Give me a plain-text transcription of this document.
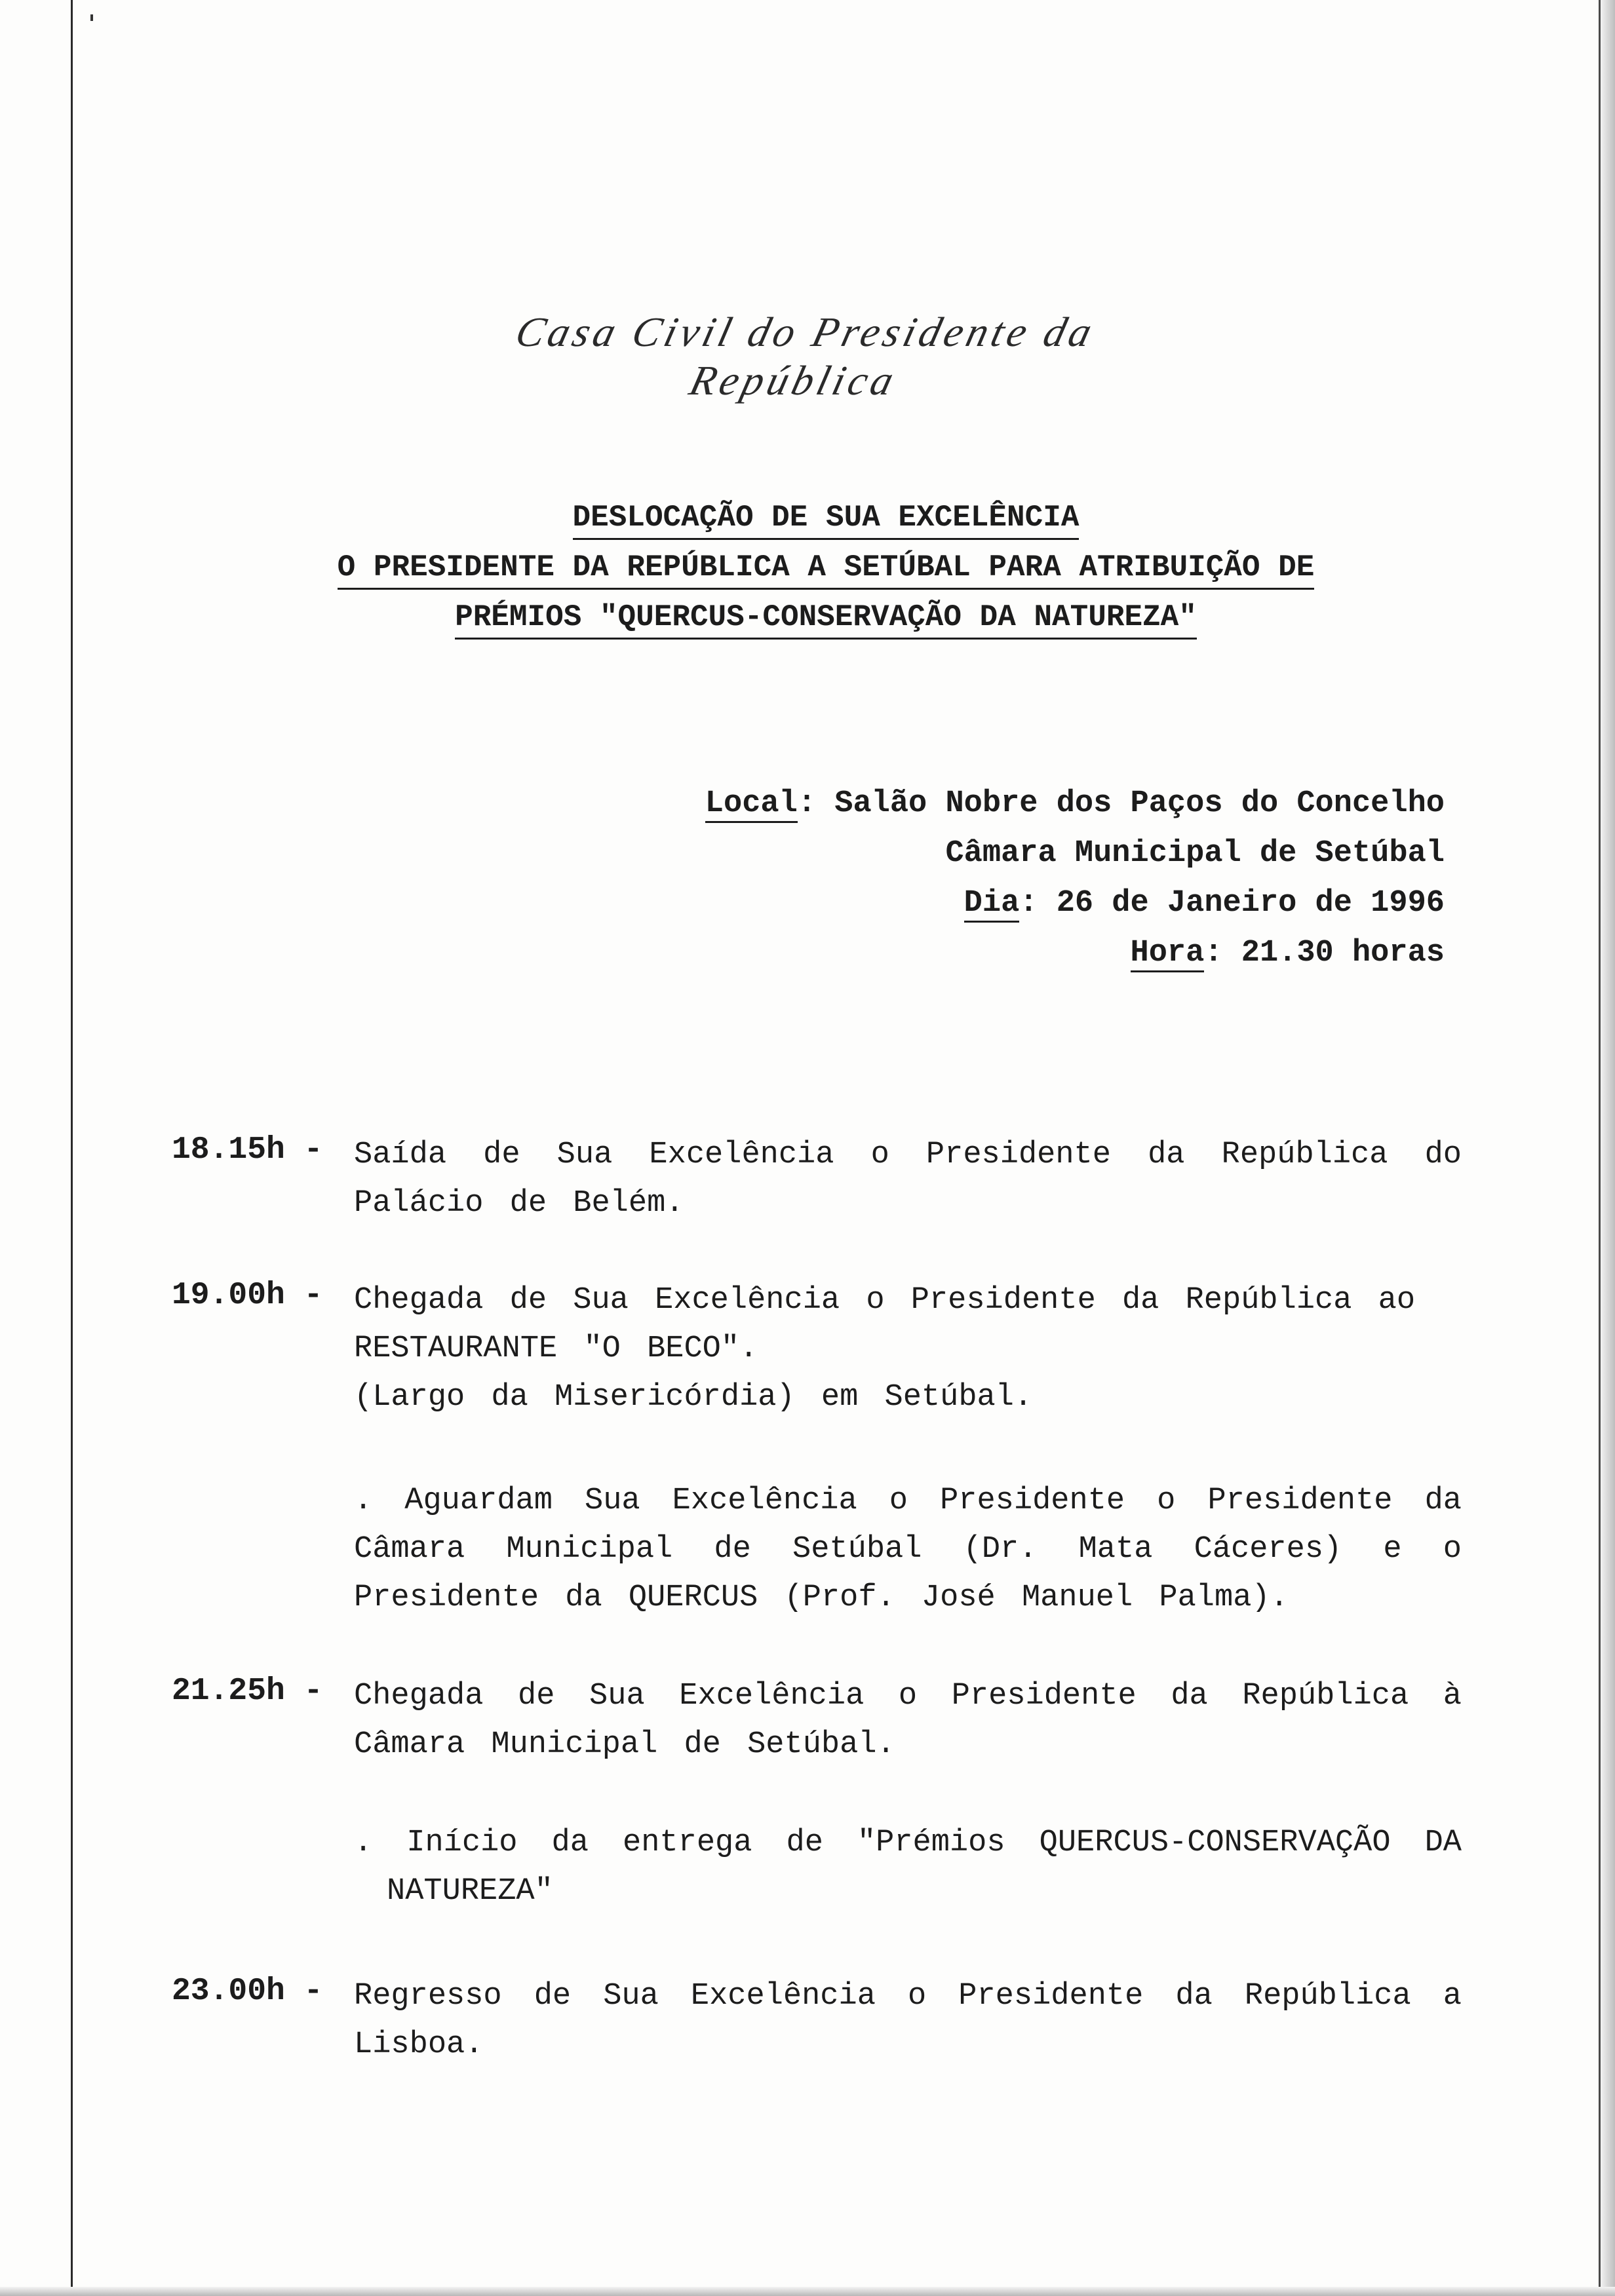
Casa Civil do Presidente da República
DESLOCAÇÃO DE SUA EXCELÊNCIA
O PRESIDENTE DA REPÚBLICA A SETÚBAL PARA ATRIBUIÇÃO DE
PRÉMIOS "QUERCUS-CONSERVAÇÃO DA NATUREZA"
Local: Salão Nobre dos Paços do Concelho
Câmara Municipal de Setúbal
Dia: 26 de Janeiro de 1996
Hora: 21.30 horas
18.15h - Saída de Sua Excelência o Presidente da República do Palácio de Belém.
19.00h - Chegada de Sua Excelência o Presidente da República ao
RESTAURANTE "O BECO".
(Largo da Misericórdia) em Setúbal.
. Aguardam Sua Excelência o Presidente o Presidente da Câmara Municipal de Setúbal (Dr. Mata Cáceres) e o Presidente da QUERCUS (Prof. José Manuel Palma).
21.25h - Chegada de Sua Excelência o Presidente da República à Câmara Municipal de Setúbal.
. Início da entrega de "Prémios QUERCUS-CONSERVAÇÃO DA NATUREZA"
23.00h - Regresso de Sua Excelência o Presidente da República a Lisboa.
